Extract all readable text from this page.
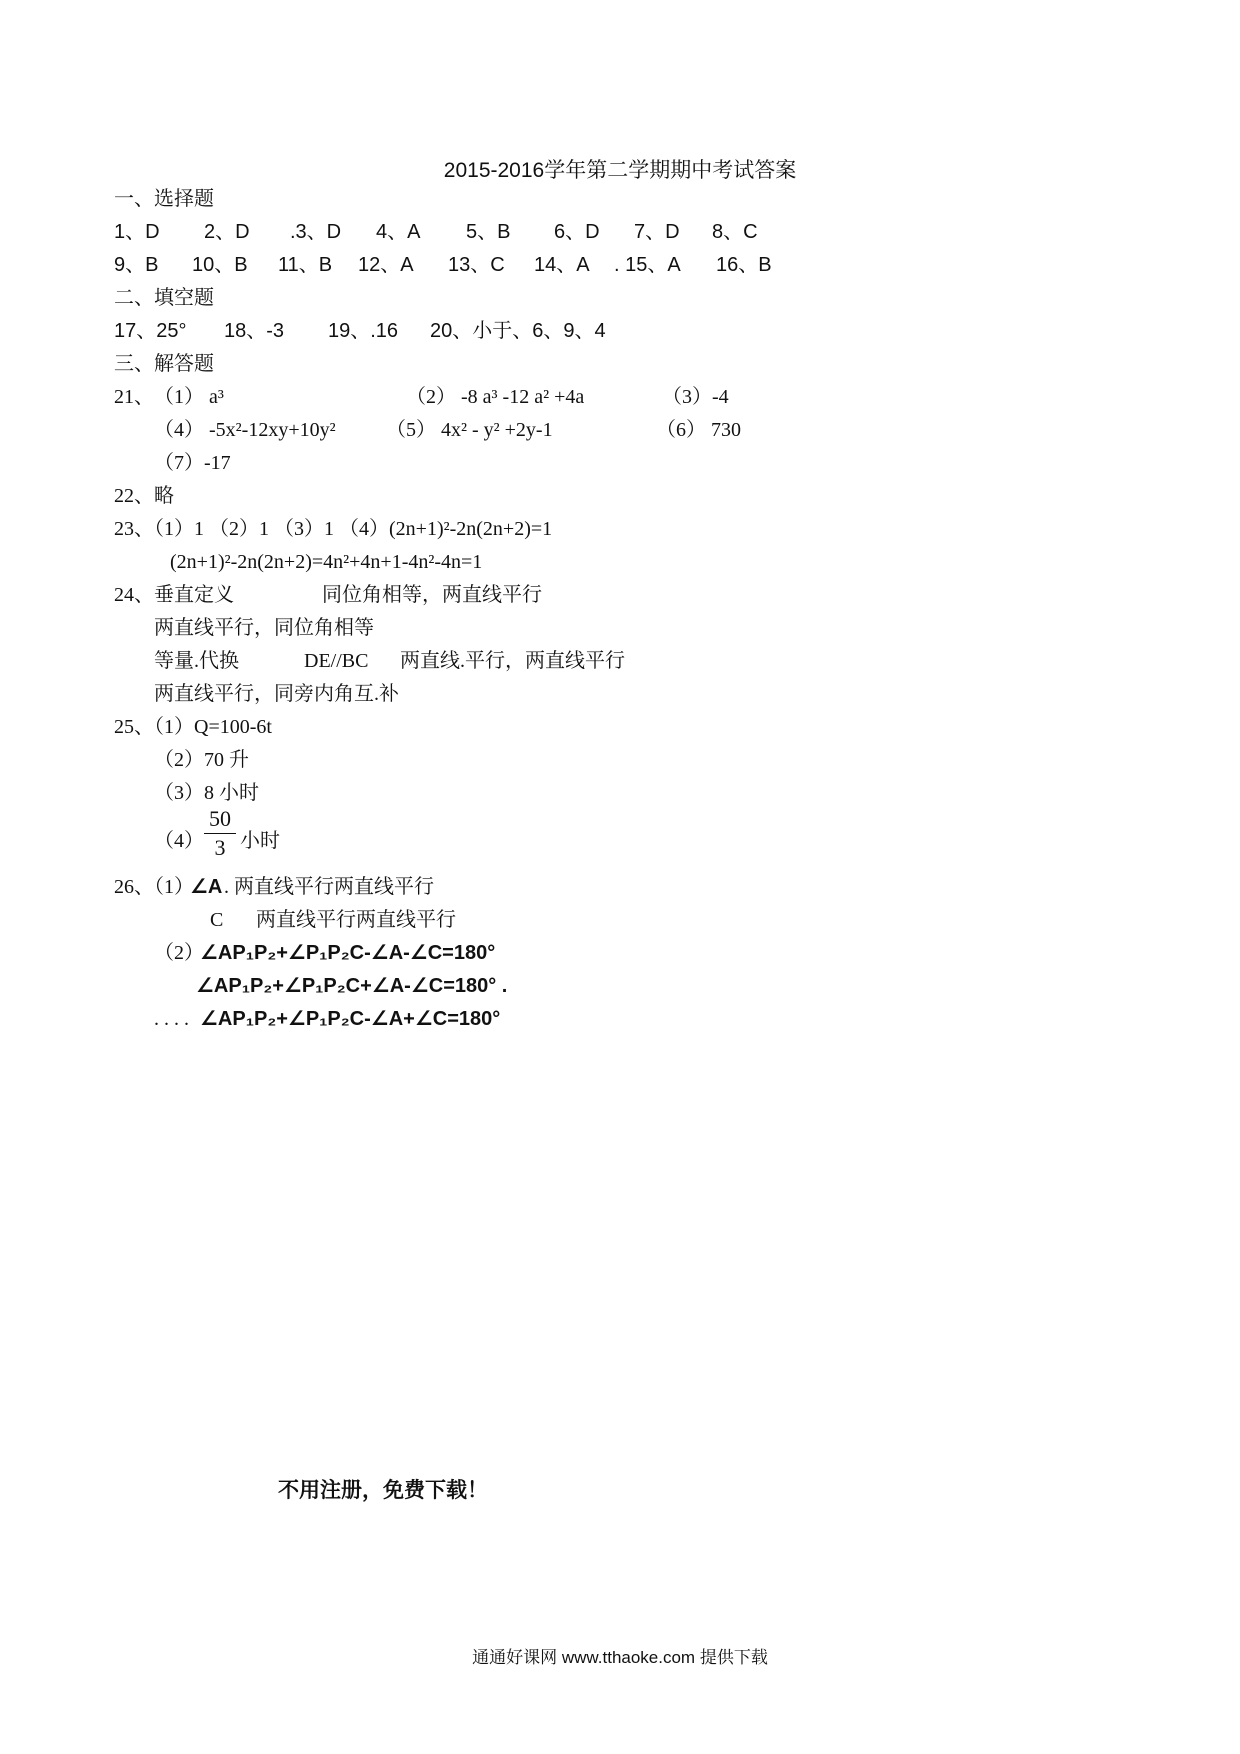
2015-2016学年第二学期期中考试答案
一、选择题
1、D 2、D .3、D 4、A 5、B 6、D 7、D 8、C
9、B 10、B 11、B 12、A 13、C 14、A . 15、A 16、B
二、填空题
17、25° 18、-3 19、.16 20、小于、6、9、4
三、解答题
21、 （1） a³	（2） -8 a³ -12 a² +4a	（3）-4
（4） -5x²-12xy+10y²	（5） 4x² - y² +2y-1	（6） 730
（7）-17
22、略
23、（1）1 （2）1 （3）1 （4）(2n+1)²-2n(2n+2)=1
(2n+1)²-2n(2n+2)=4n²+4n+1-4n²-4n=1
24、 垂直定义	同位角相等，两直线平行
两直线平行，同位角相等
等量.代换	DE//BC 两直线.平行，两直线平行
两直线平行，同旁内角互.补
25、（1）Q=100-6t
（2）70 升
（3）8 小时
（4）
50
3 小时
26、（1）
∠A . 两直线平行两直线平行
C 两直线平行两直线平行
（2）.
∠AP₁P₂+∠P₁P₂C-∠A-∠C=180°
∠AP₁P₂+∠P₁P₂C+∠A-∠C=180° .
. . . . ∠AP₁P₂+∠P₁P₂C-∠A+∠C=180°
不用注册，免费下载！
通通好课网 www.tthaoke.com 提供下载
